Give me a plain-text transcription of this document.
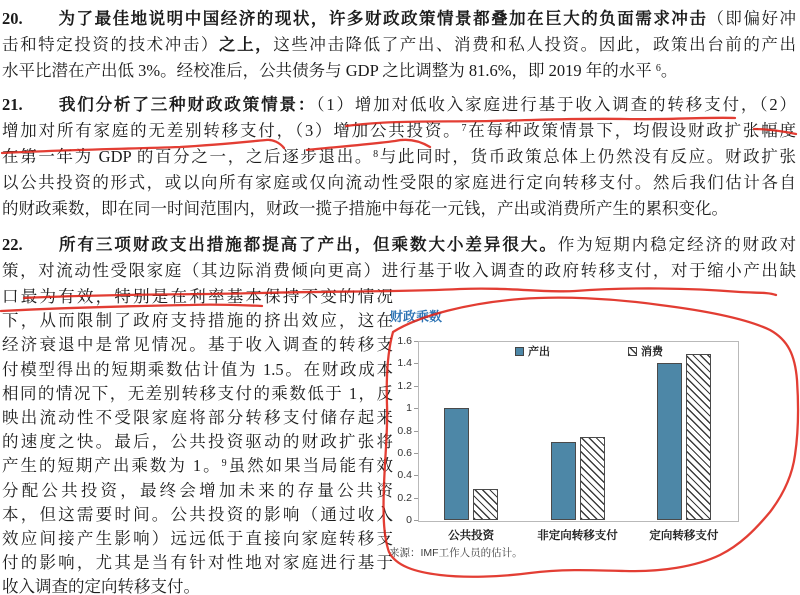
20. 为了最佳地说明中国经济的现状，许多财政政策情景都叠加在巨大的负面需求冲击（即偏好冲
击和特定投资的技术冲击）之上，这些冲击降低了产出、消费和私人投资。因此，政策出台前的产出
水平比潜在产出低 3%。经校准后，公共债务与 GDP 之比调整为 81.6%，即 2019 年的水平 $^6$。
21. 我们分析了三种财政政策情景：（1）增加对低收入家庭进行基于收入调查的转移支付，（2）
增加对所有家庭的无差别转移支付，（3）增加公共投资。$^7$在每种政策情景下，均假设财政扩张幅度
在第一年为 GDP 的百分之一，之后逐步退出。$^8$与此同时，货币政策总体上仍然没有反应。财政扩张
以公共投资的形式，或以向所有家庭或仅向流动性受限的家庭进行定向转移支付。然后我们估计各自
的财政乘数，即在同一时间范围内，财政一揽子措施中每花一元钱，产出或消费所产生的累积变化。
22. 所有三项财政支出措施都提高了产出，但乘数大小差异很大。作为短期内稳定经济的财政对
策，对流动性受限家庭（其边际消费倾向更高）进行基于收入调查的政府转移支付，对于缩小产出缺
口最为有效，特别是在利率基本保持不变的情况
下，从而限制了政府支持措施的挤出效应，这在
经济衰退中是常见情况。基于收入调查的转移支
付模型得出的短期乘数估计值为 1.5。在财政成本
相同的情况下，无差别转移支付的乘数低于 1，反
映出流动性不受限家庭将部分转移支付储存起来
的速度之快。最后，公共投资驱动的财政扩张将
产生的短期产出乘数为 1。$^9$虽然如果当局能有效
分配公共投资，最终会增加未来的存量公共资
本，但这需要时间。公共投资的影响（通过收入
效应间接产生影响）远远低于直接向家庭转移支
付的影响，尤其是当有针对性地对家庭进行基于
收入调查的定向转移支付。
财政乘数
0
0.2
0.4
0.6
0.8
1
1.2
1.4
1.6
公共投资	非定向转移支付	定向转移支付
产出	消费
来源：IMF工作人员的估计。
